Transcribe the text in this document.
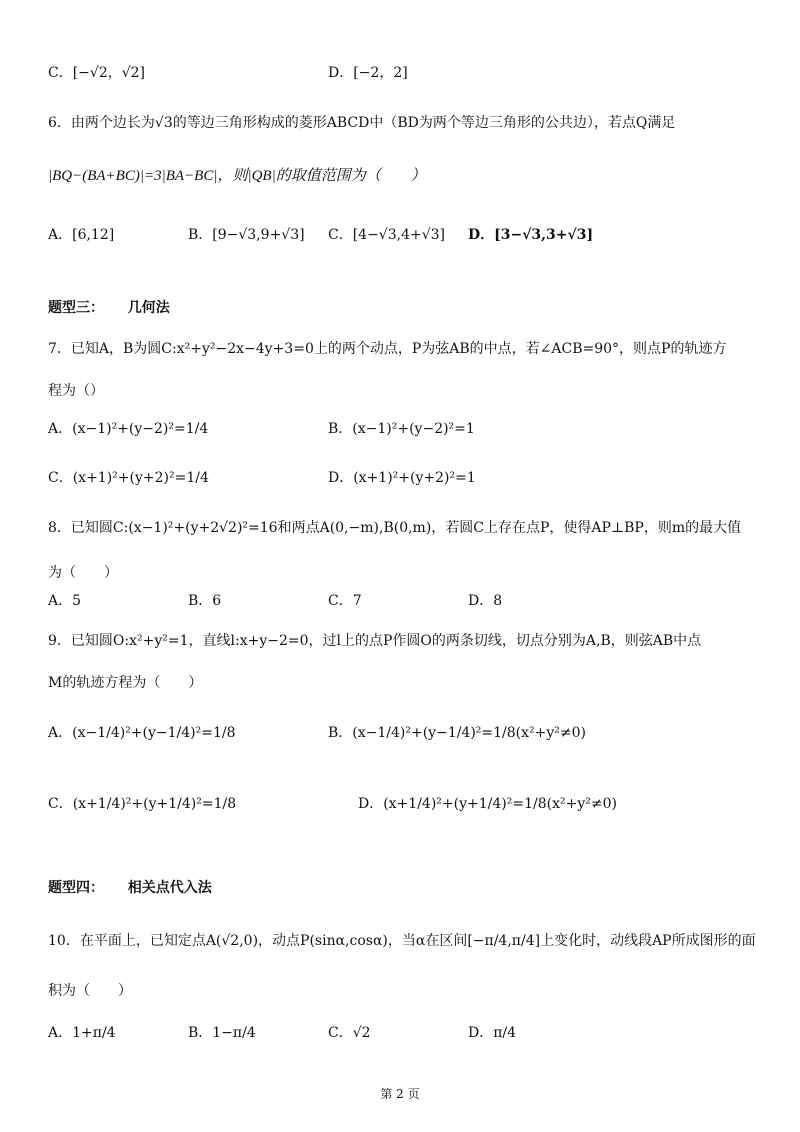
C．[−√2，√2]	D．[−2，2]
6．由两个边长为√3的等边三角形构成的菱形ABCD中（BD为两个等边三角形的公共边），若点Q满足
|BQ−(BA+BC)|=3|BA−BC|，则|QB|的取值范围为（　　）
A．[6,12]	B．[9−√3,9+√3] C．[4−√3,4+√3] D．[3−√3,3+√3]
题型三： 几何法
7．已知A，B为圆C:x²+y²−2x−4y+3=0上的两个动点，P为弦AB的中点，若∠ACB=90°，则点P的轨迹方
程为（）
A．(x−1)²+(y−2)²=1/4	B．(x−1)²+(y−2)²=1
C．(x+1)²+(y+2)²=1/4	D．(x+1)²+(y+2)²=1
8．已知圆C:(x−1)²+(y+2√2)²=16和两点A(0,−m),B(0,m)，若圆C上存在点P，使得AP⊥BP，则m的最大值
为（　　）
A．5	B．6	C．7	D．8
9．已知圆O:x²+y²=1，直线l:x+y−2=0，过l上的点P作圆O的两条切线，切点分别为A,B，则弦AB中点
M的轨迹方程为（　　）
A．(x−1/4)²+(y−1/4)²=1/8	B．(x−1/4)²+(y−1/4)²=1/8(x²+y²≠0)
C．(x+1/4)²+(y+1/4)²=1/8	D．(x+1/4)²+(y+1/4)²=1/8(x²+y²≠0)
题型四： 相关点代入法
10．在平面上，已知定点A(√2,0)，动点P(sinα,cosα)，当α在区间[−π/4,π/4]上变化时，动线段AP所成图形的面
积为（　　）
A．1+π/4	B．1−π/4	C．√2	D．π/4
第 2 页
